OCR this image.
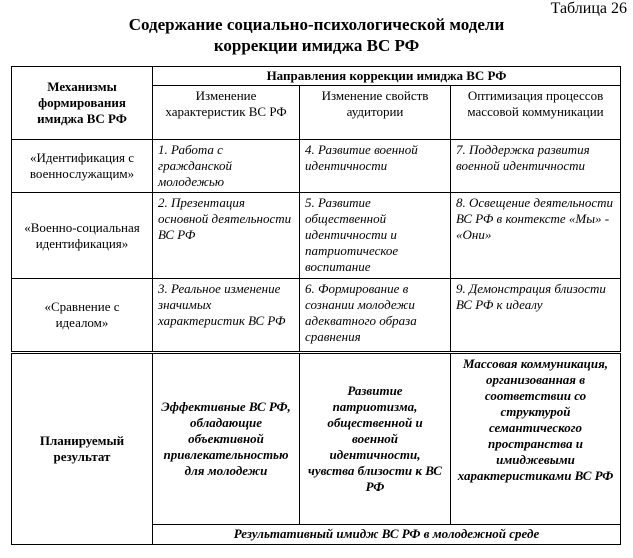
Таблица 26
Содержание социально-психологической модели
коррекции имиджа ВС РФ
Механизмы формирования имиджа ВС РФ	Направления коррекции имиджа ВС РФ		
	Изменение характеристик ВС РФ	Изменение свойств аудитории	Оптимизация процессов массовой коммуникации
«Идентификация с военнослужащим»	1. Работа с гражданской молодежью	4. Развитие военной идентичности	7. Поддержка развития военной идентичности
«Военно-социальная идентификация»	2. Презентация основной деятельности ВС РФ	5. Развитие общественной идентичности и патриотическое воспитание	8. Освещение деятельности ВС РФ в контексте «Мы» - «Они»
«Сравнение с идеалом»	3. Реальное изменение значимых характеристик ВС РФ	6. Формирование в сознании молодежи адекватного образа сравнения	9. Демонстрация близости ВС РФ к идеалу
Планируемый результат	Эффективные ВС РФ, обладающие объективной привлекательностью для молодежи	Развитие патриотизма, общественной и военной идентичности, чувства близости к ВС РФ	Массовая коммуникация, организованная в соответствии со структурой семантического пространства и имиджевыми характеристиками ВС РФ
	Результативный имидж ВС РФ в молодежной среде		
